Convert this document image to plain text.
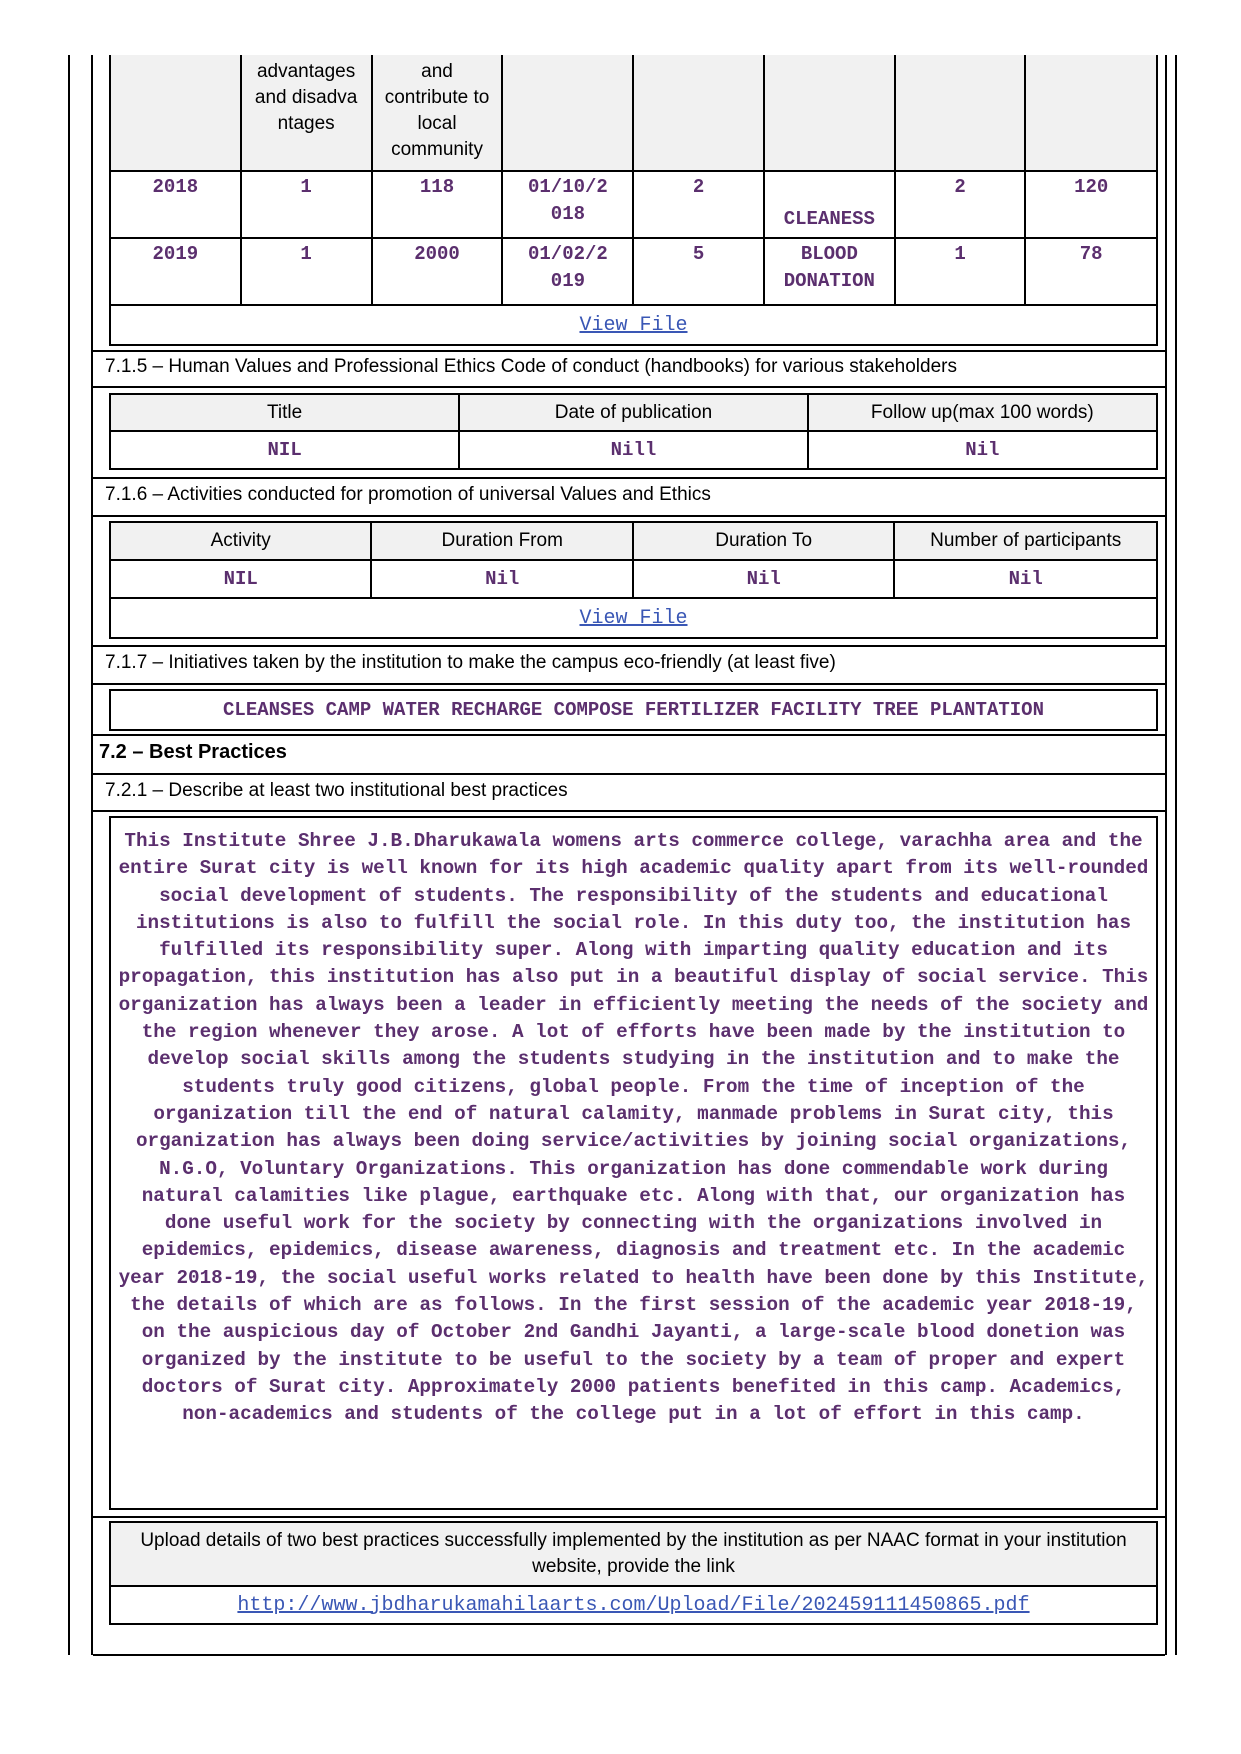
	advantages and disadva ntages	and contribute to local community					

2018	1	118	01/10/2 018	2	CLEANESS	2	120

2019	1	2000	01/02/2 019	5	BLOOD DONATION	1	78

View File							
7.1.5 – Human Values and Professional Ethics Code of conduct (handbooks) for various stakeholders
Title	Date of publication	Follow up(max 100 words)
NIL	Nill	Nil
7.1.6 – Activities conducted for promotion of universal Values and Ethics
Activity	Duration From	Duration To	Number of participants
NIL	Nil	Nil	Nil
View File			
7.1.7 – Initiatives taken by the institution to make the campus eco-friendly (at least five)
CLEANSES CAMP WATER RECHARGE COMPOSE FERTILIZER FACILITY TREE PLANTATION
7.2 – Best Practices
7.2.1 – Describe at least two institutional best practices
This Institute Shree J.B.Dharukawala womens arts commerce college, varachha area and the entire Surat city is well known for its high academic quality apart from its well-rounded social development of students. The responsibility of the students and educational institutions is also to fulfill the social role. In this duty too, the institution has fulfilled its responsibility super. Along with imparting quality education and its propagation, this institution has also put in a beautiful display of social service. This organization has always been a leader in efficiently meeting the needs of the society and the region whenever they arose. A lot of efforts have been made by the institution to develop social skills among the students studying in the institution and to make the students truly good citizens, global people. From the time of inception of the organization till the end of natural calamity, manmade problems in Surat city, this organization has always been doing service/activities by joining social organizations, N.G.O, Voluntary Organizations. This organization has done commendable work during natural calamities like plague, earthquake etc. Along with that, our organization has done useful work for the society by connecting with the organizations involved in epidemics, epidemics, disease awareness, diagnosis and treatment etc. In the academic year 2018-19, the social useful works related to health have been done by this Institute, the details of which are as follows. In the first session of the academic year 2018-19, on the auspicious day of October 2nd Gandhi Jayanti, a large-scale blood donetion was organized by the institute to be useful to the society by a team of proper and expert doctors of Surat city. Approximately 2000 patients benefited in this camp. Academics, non-academics and students of the college put in a lot of effort in this camp.
Upload details of two best practices successfully implemented by the institution as per NAAC format in your institution website, provide the link

http://www.jbdharukamahilaarts.com/Upload/File/202459111450865.pdf
